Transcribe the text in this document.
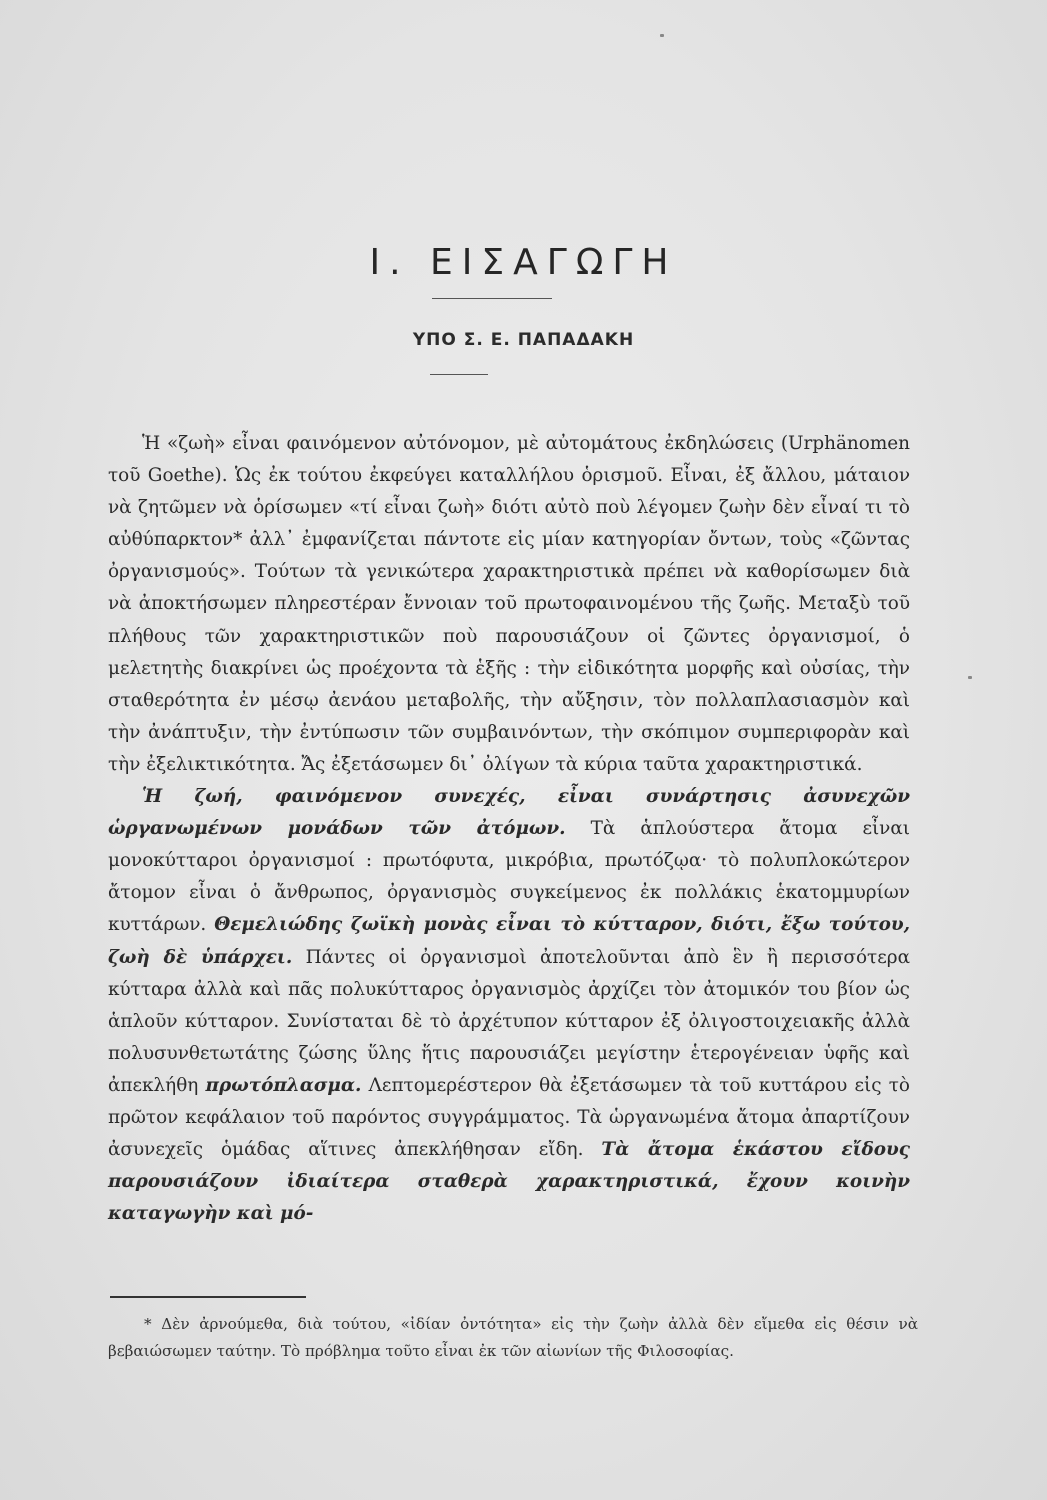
I. ΕΙΣΑΓΩΓΗ
ΥΠΟ Σ. Ε. ΠΑΠΑΔΑΚΗ

Ἡ «ζωὴ» εἶναι φαινόμενον αὐτόνομον, μὲ αὐτομάτους ἐκδηλώσεις (Urphänomen τοῦ Goethe). Ὡς ἐκ τούτου ἐκφεύγει καταλλήλου ὁρισμοῦ. Εἶναι, ἐξ ἄλλου, μάταιον νὰ ζητῶμεν νὰ ὁρίσωμεν «τί εἶναι ζωὴ» διότι αὐτὸ ποὺ λέγομεν ζωὴν δὲν εἶναί τι τὸ αὐθύπαρκτον* ἀλλ᾽ ἐμφανίζεται πάντοτε εἰς μίαν κατηγορίαν ὄντων, τοὺς «ζῶντας ὀργανισμούς». Τούτων τὰ γενικώτερα χαρακτηριστικὰ πρέπει νὰ καθορίσωμεν διὰ νὰ ἀποκτήσωμεν πληρεστέραν ἔννοιαν τοῦ πρωτοφαινομένου τῆς ζωῆς. Μεταξὺ τοῦ πλήθους τῶν χαρακτηριστικῶν ποὺ παρουσιάζουν οἱ ζῶντες ὀργανισμοί, ὁ μελετητὴς διακρίνει ὡς προέχοντα τὰ ἑξῆς : τὴν εἰδικότητα μορφῆς καὶ οὐσίας, τὴν σταθερότητα ἐν μέσῳ ἀενάου μεταβολῆς, τὴν αὔξησιν, τὸν πολλαπλασιασμὸν καὶ τὴν ἀνάπτυξιν, τὴν ἐντύπωσιν τῶν συμβαινόντων, τὴν σκόπιμον συμπεριφορὰν καὶ τὴν ἐξελικτικότητα. Ἄς ἐξετάσωμεν δι᾽ ὀλίγων τὰ κύρια ταῦτα χαρακτηριστικά.

Ἡ ζωή, φαινόμενον συνεχές, εἶναι συνάρτησις ἀσυνεχῶν ὡργανωμένων μονάδων τῶν ἀτόμων. Τὰ ἁπλούστερα ἄτομα εἶναι μονοκύτταροι ὀργανισμοί : πρωτόφυτα, μικρόβια, πρωτόζῳα· τὸ πολυπλοκώτερον ἄτομον εἶναι ὁ ἄνθρωπος, ὀργανισμὸς συγκείμενος ἐκ πολλάκις ἑκατομμυρίων κυττάρων. Θεμελιώδης ζωϊκὴ μονὰς εἶναι τὸ κύτταρον, διότι, ἔξω τούτου, ζωὴ δὲ ὑπάρχει. Πάντες οἱ ὀργανισμοὶ ἀποτελοῦνται ἀπὸ ἓν ἢ περισσότερα κύτταρα ἀλλὰ καὶ πᾶς πολυκύτταρος ὀργανισμὸς ἀρχίζει τὸν ἀτομικόν του βίον ὡς ἁπλοῦν κύτταρον. Συνίσταται δὲ τὸ ἀρχέτυπον κύτταρον ἐξ ὀλιγοστοιχειακῆς ἀλλὰ πολυσυνθετωτάτης ζώσης ὕλης ἥτις παρουσιάζει μεγίστην ἑτερογένειαν ὑφῆς καὶ ἀπεκλήθη πρωτόπλασμα. Λεπτομερέστερον θὰ ἐξετάσωμεν τὰ τοῦ κυττάρου εἰς τὸ πρῶτον κεφάλαιον τοῦ παρόντος συγγράμματος. Τὰ ὡργανωμένα ἄτομα ἀπαρτίζουν ἀσυνεχεῖς ὁμάδας αἵτινες ἀπεκλήθησαν εἴδη. Τὰ ἄτομα ἑκάστου εἴδους παρουσιάζουν ἰδιαίτερα σταθερὰ χαρακτηριστικά, ἔχουν κοινὴν καταγωγὴν καὶ μό-

* Δὲν ἀρνούμεθα, διὰ τούτου, «ἰδίαν ὀντότητα» εἰς τὴν ζωὴν ἀλλὰ δὲν εἴμεθα εἰς θέσιν νὰ βεβαιώσωμεν ταύτην. Τὸ πρόβλημα τοῦτο εἶναι ἐκ τῶν αἰωνίων τῆς Φιλοσοφίας.
